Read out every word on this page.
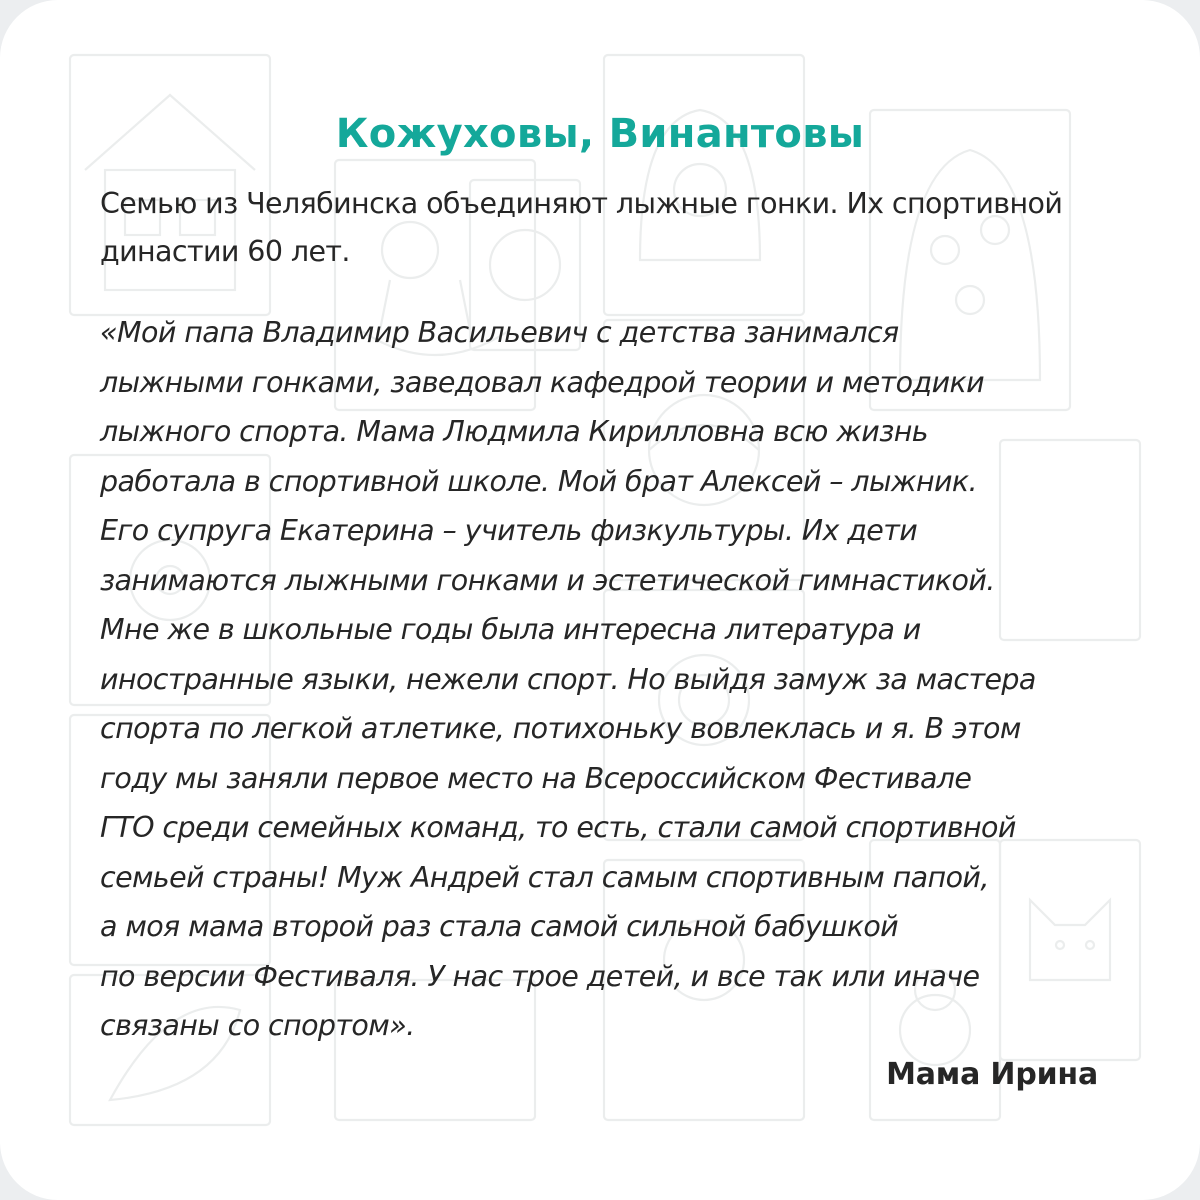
Кожуховы, Винантовы
Семью из Челябинска объединяют лыжные гонки. Их спортивной династии 60 лет.
«Мой папа Владимир Васильевич с детства занимался
лыжными гонками, заведовал кафедрой теории и методики
лыжного спорта. Мама Людмила Кирилловна всю жизнь
работала в спортивной школе. Мой брат Алексей – лыжник.
Его супруга Екатерина – учитель физкультуры. Их дети
занимаются лыжными гонками и эстетической гимнастикой.
Мне же в школьные годы была интересна литература и
иностранные языки, нежели спорт. Но выйдя замуж за мастера
спорта по легкой атлетике, потихоньку вовлеклась и я. В этом
году мы заняли первое место на Всероссийском Фестивале
ГТО среди семейных команд, то есть, стали самой спортивной
семьей страны! Муж Андрей стал самым спортивным папой,
а моя мама второй раз стала самой сильной бабушкой
по версии Фестиваля. У нас трое детей, и все так или иначе
связаны со спортом».
Мама Ирина
